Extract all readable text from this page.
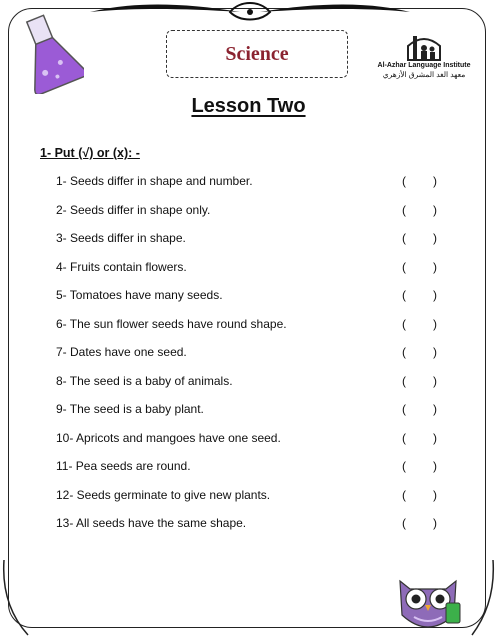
Science
Al-Azhar Language Institute
معهد الغد المشرق الأزهري
Lesson Two
1- Put (√) or (x): -
1- Seeds differ in shape and number.	( )
2- Seeds differ in shape only.	( )
3- Seeds differ in shape.	( )
4- Fruits contain flowers.	( )
5- Tomatoes have many seeds.	( )
6- The sun flower seeds have round shape.	( )
7- Dates have one seed.	( )
8- The seed is a baby of animals.	( )
9- The seed is a baby plant.	( )
10- Apricots and mangoes have one seed.	( )
11- Pea seeds are round.	( )
12- Seeds germinate to give new plants.	( )
13- All seeds have the same shape.	( )
